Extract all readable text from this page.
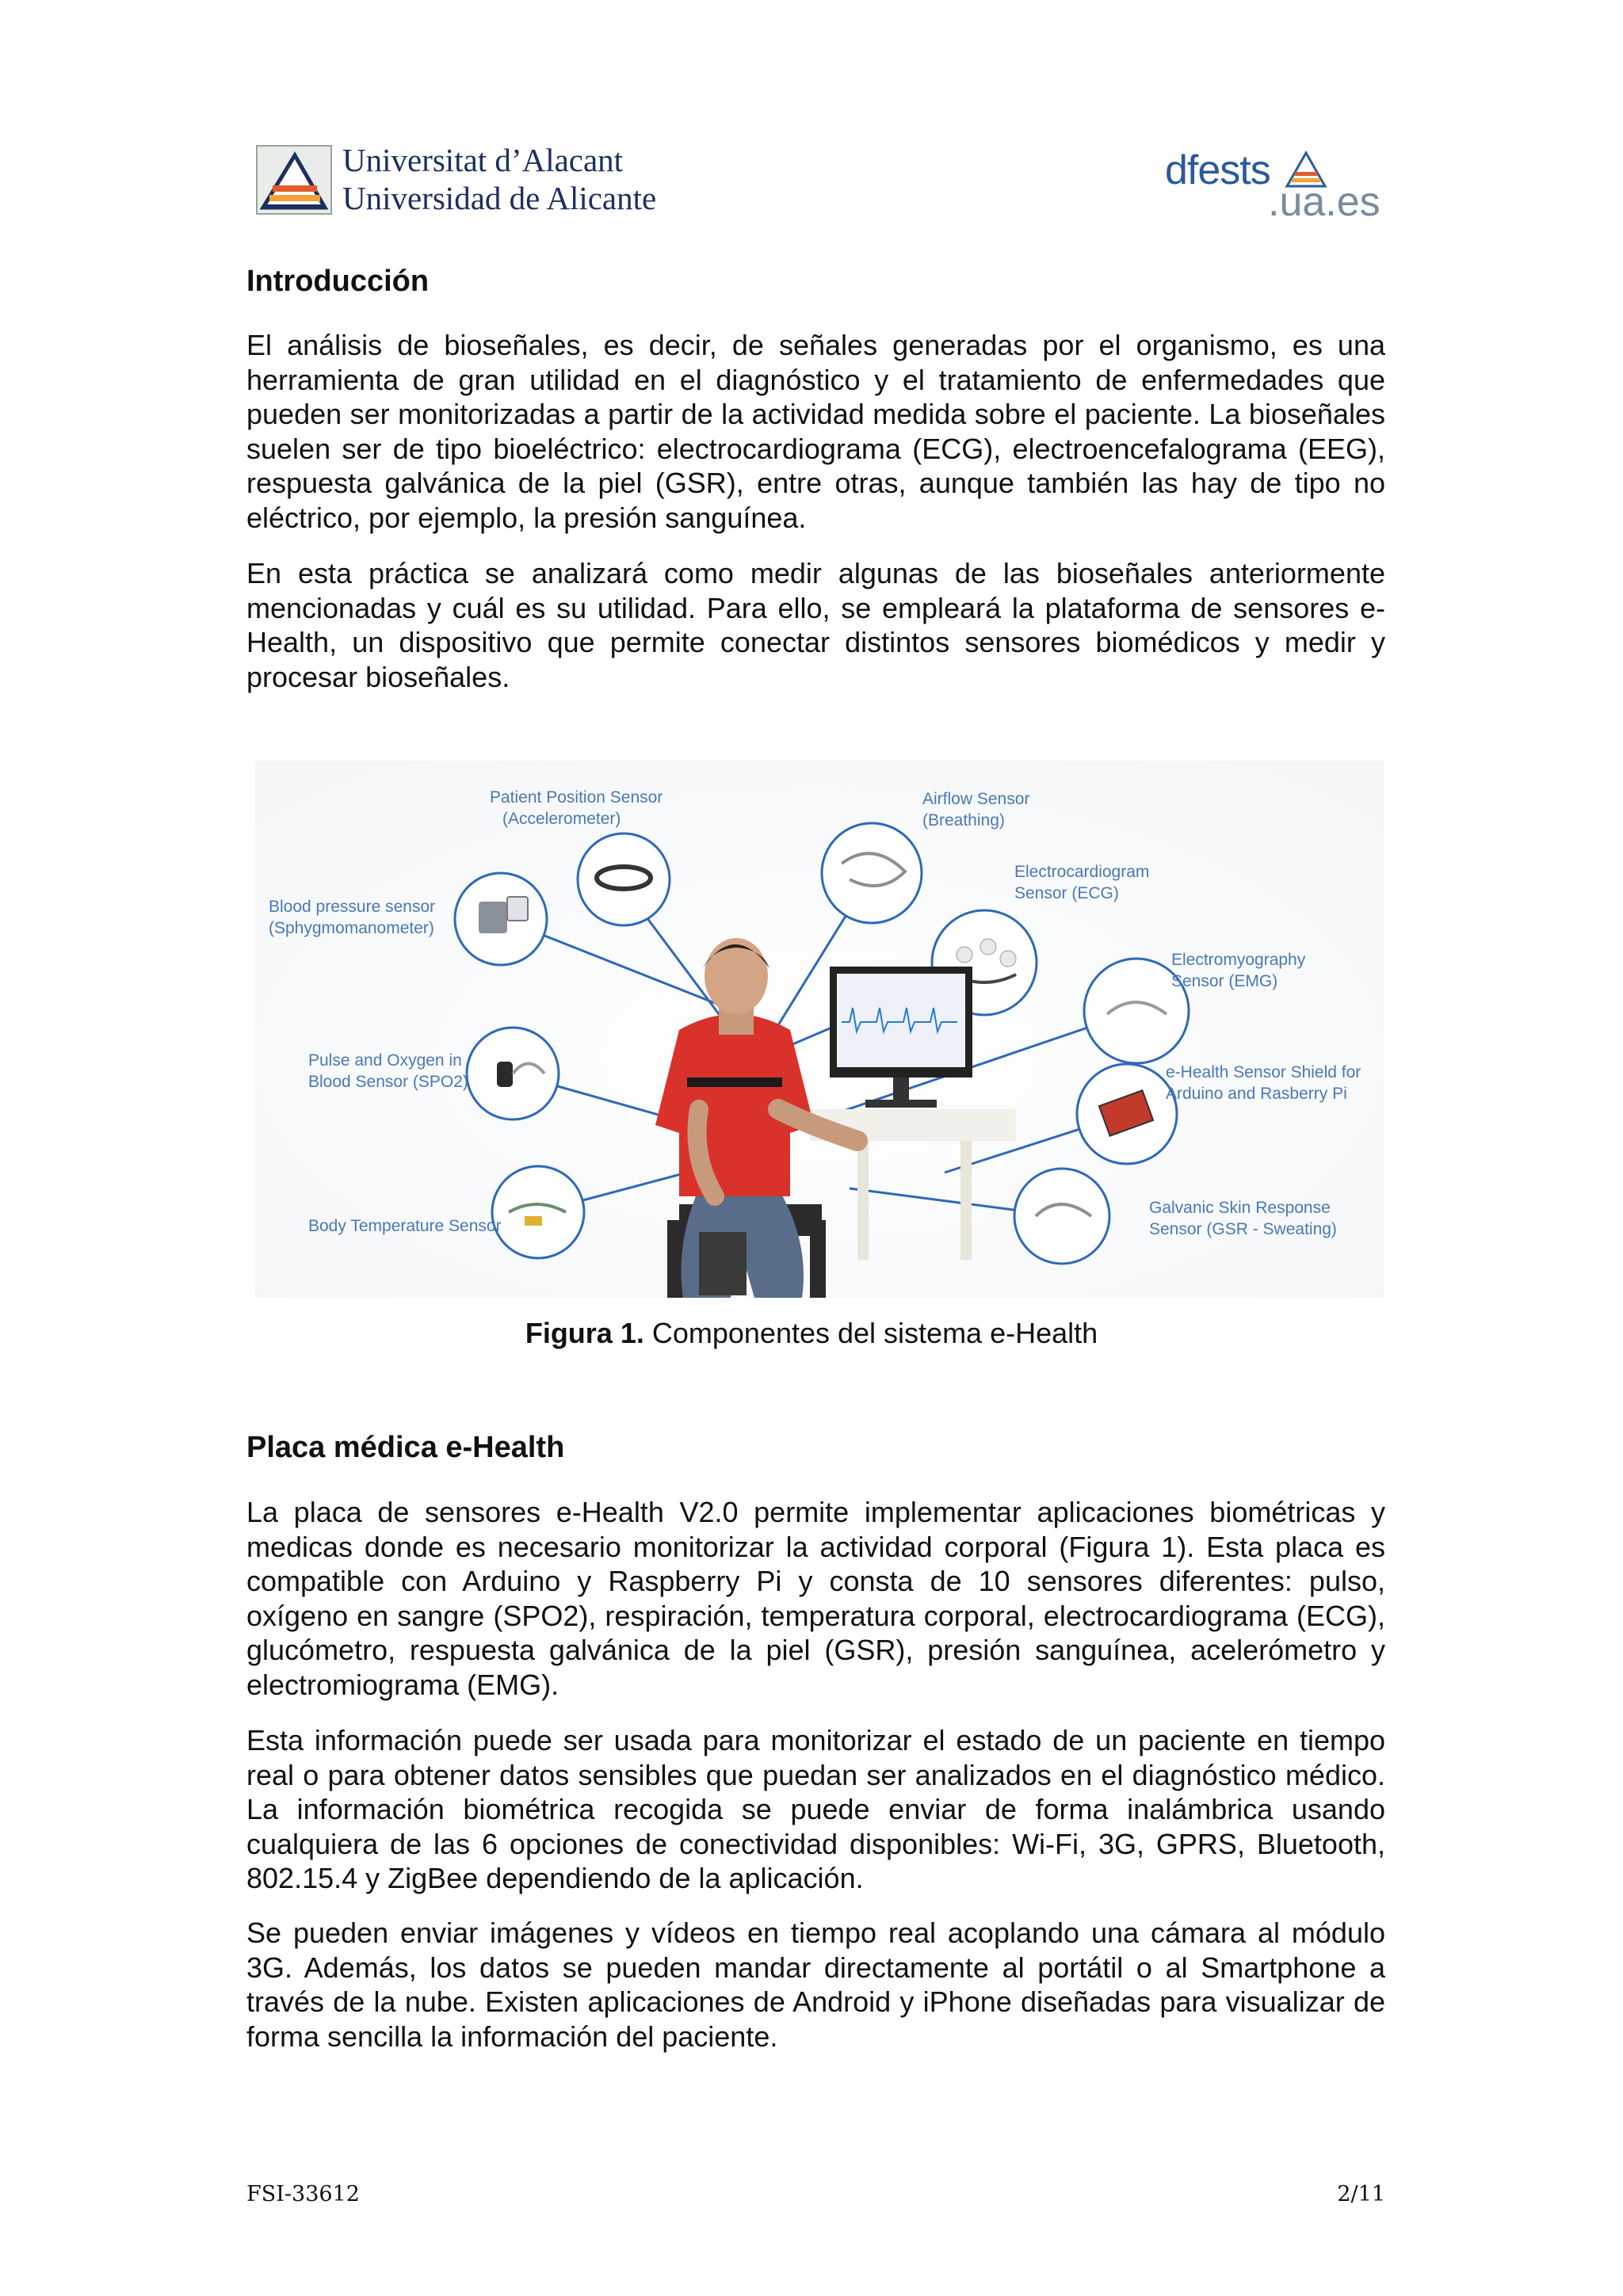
Universitat d’Alacant
Universidad de Alicante
dfests
.ua.es
Introducción
El análisis de bioseñales, es decir, de señales generadas por el organismo, es una herramienta de gran utilidad en el diagnóstico y el tratamiento de enfermedades que pueden ser monitorizadas a partir de la actividad medida sobre el paciente. La bioseñales suelen ser de tipo bioeléctrico: electrocardiograma (ECG), electroencefalograma (EEG), respuesta galvánica de la piel (GSR), entre otras, aunque también las hay de tipo no eléctrico, por ejemplo, la presión sanguínea.
En esta práctica se analizará como medir algunas de las bioseñales anteriormente mencionadas y cuál es su utilidad. Para ello, se empleará la plataforma de sensores e-Health, un dispositivo que permite conectar distintos sensores biomédicos y medir y procesar bioseñales.
Patient Position Sensor (Accelerometer)
Airflow Sensor (Breathing)
Electrocardiogram Sensor (ECG)
Blood pressure sensor (Sphygmomanometer)
Electromyography Sensor (EMG)
Pulse and Oxygen in Blood Sensor (SPO2)
e-Health Sensor Shield for Arduino and Rasberry Pi
Body Temperature Sensor
Galvanic Skin Response Sensor (GSR - Sweating)
Figura 1. Componentes del sistema e-Health
Placa médica e-Health
La placa de sensores e-Health V2.0 permite implementar aplicaciones biométricas y medicas donde es necesario monitorizar la actividad corporal (Figura 1). Esta placa es compatible con Arduino y Raspberry Pi y consta de 10 sensores diferentes: pulso, oxígeno en sangre (SPO2), respiración, temperatura corporal, electrocardiograma (ECG), glucómetro, respuesta galvánica de la piel (GSR), presión sanguínea, acelerómetro y electromiograma (EMG).
Esta información puede ser usada para monitorizar el estado de un paciente en tiempo real o para obtener datos sensibles que puedan ser analizados en el diagnóstico médico. La información biométrica recogida se puede enviar de forma inalámbrica usando cualquiera de las 6 opciones de conectividad disponibles: Wi-Fi, 3G, GPRS, Bluetooth, 802.15.4 y ZigBee dependiendo de la aplicación.
Se pueden enviar imágenes y vídeos en tiempo real acoplando una cámara al módulo 3G. Además, los datos se pueden mandar directamente al portátil o al Smartphone a través de la nube. Existen aplicaciones de Android y iPhone diseñadas para visualizar de forma sencilla la información del paciente.
FSI-33612	2/11
